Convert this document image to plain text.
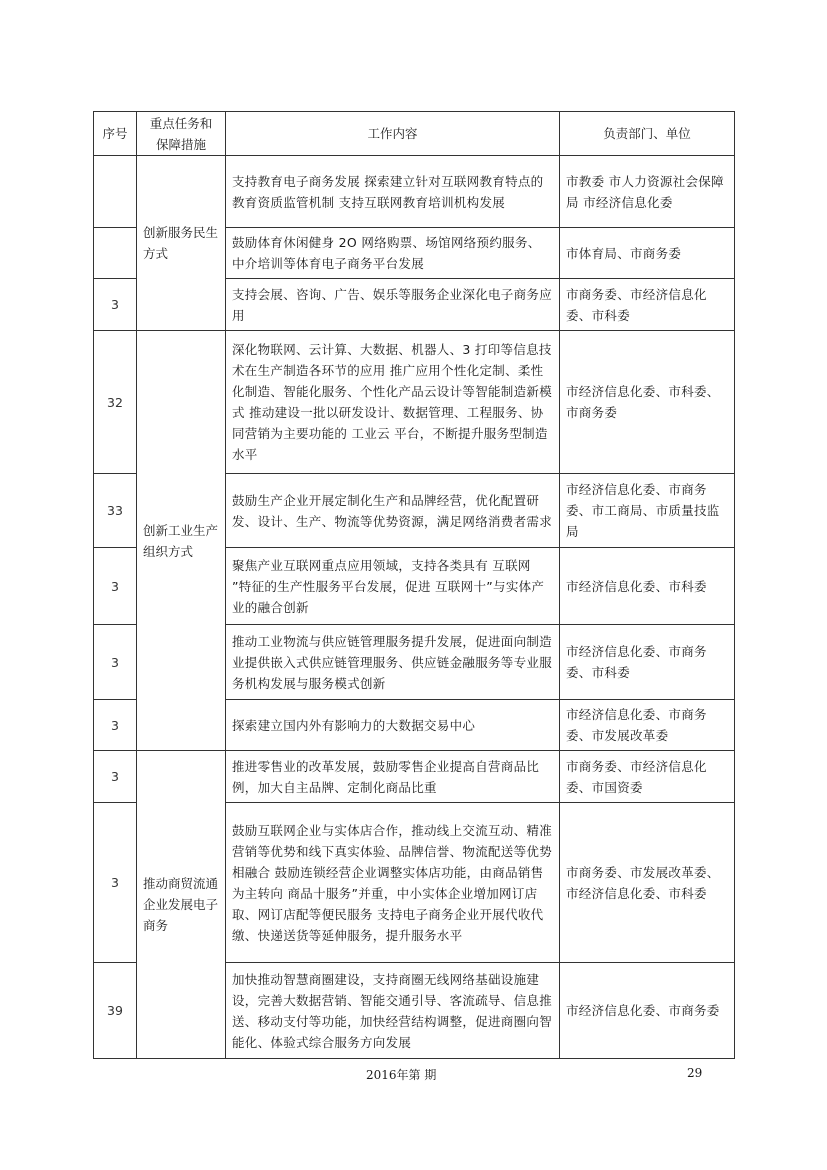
序号	重点任务和保障措施	工作内容	负责部门、单位
	创新服务民生方式	支持教育电子商务发展 探索建立针对互联网教育特点的教育资质监管机制 支持互联网教育培训机构发展	市教委 市人力资源社会保障局 市经济信息化委
		鼓励体育休闲健身 2O 网络购票、场馆网络预约服务、中介培训等体育电子商务平台发展	市体育局、市商务委
3		支持会展、咨询、广告、娱乐等服务企业深化电子商务应用	市商务委、市经济信息化委、市科委
32	创新工业生产组织方式	深化物联网、云计算、大数据、机器人、3 打印等信息技术在生产制造各环节的应用 推广应用个性化定制、柔性化制造、智能化服务、个性化产品云设计等智能制造新模式 推动建设一批以研发设计、数据管理、工程服务、协同营销为主要功能的 工业云 平台，不断提升服务型制造水平	市经济信息化委、市科委、市商务委
33		鼓励生产企业开展定制化生产和品牌经营，优化配置研发、设计、生产、物流等优势资源，满足网络消费者需求	市经济信息化委、市商务委、市工商局、市质量技监局
3		聚焦产业互联网重点应用领域，支持各类具有 互联网 ”特征的生产性服务平台发展，促进 互联网十”与实体产业的融合创新	市经济信息化委、市科委
3		推动工业物流与供应链管理服务提升发展，促进面向制造业提供嵌入式供应链管理服务、供应链金融服务等专业服务机构发展与服务模式创新	市经济信息化委、市商务委、市科委
3		探索建立国内外有影响力的大数据交易中心	市经济信息化委、市商务委、市发展改革委
3	推动商贸流通企业发展电子商务	推进零售业的改革发展，鼓励零售企业提高自营商品比例，加大自主品牌、定制化商品比重	市商务委、市经济信息化委、市国资委
3		鼓励互联网企业与实体店合作，推动线上交流互动、精准营销等优势和线下真实体验、品牌信誉、物流配送等优势相融合 鼓励连锁经营企业调整实体店功能，由商品销售为主转向 商品十服务”并重，中小实体企业增加网订店取、网订店配等便民服务 支持电子商务企业开展代收代缴、快递送货等延伸服务，提升服务水平	市商务委、市发展改革委、市经济信息化委、市科委
39		加快推动智慧商圈建设，支持商圈无线网络基础设施建设，完善大数据营销、智能交通引导、客流疏导、信息推送、移动支付等功能，加快经营结构调整，促进商圈向智能化、体验式综合服务方向发展	市经济信息化委、市商务委
2016年第 期	29
